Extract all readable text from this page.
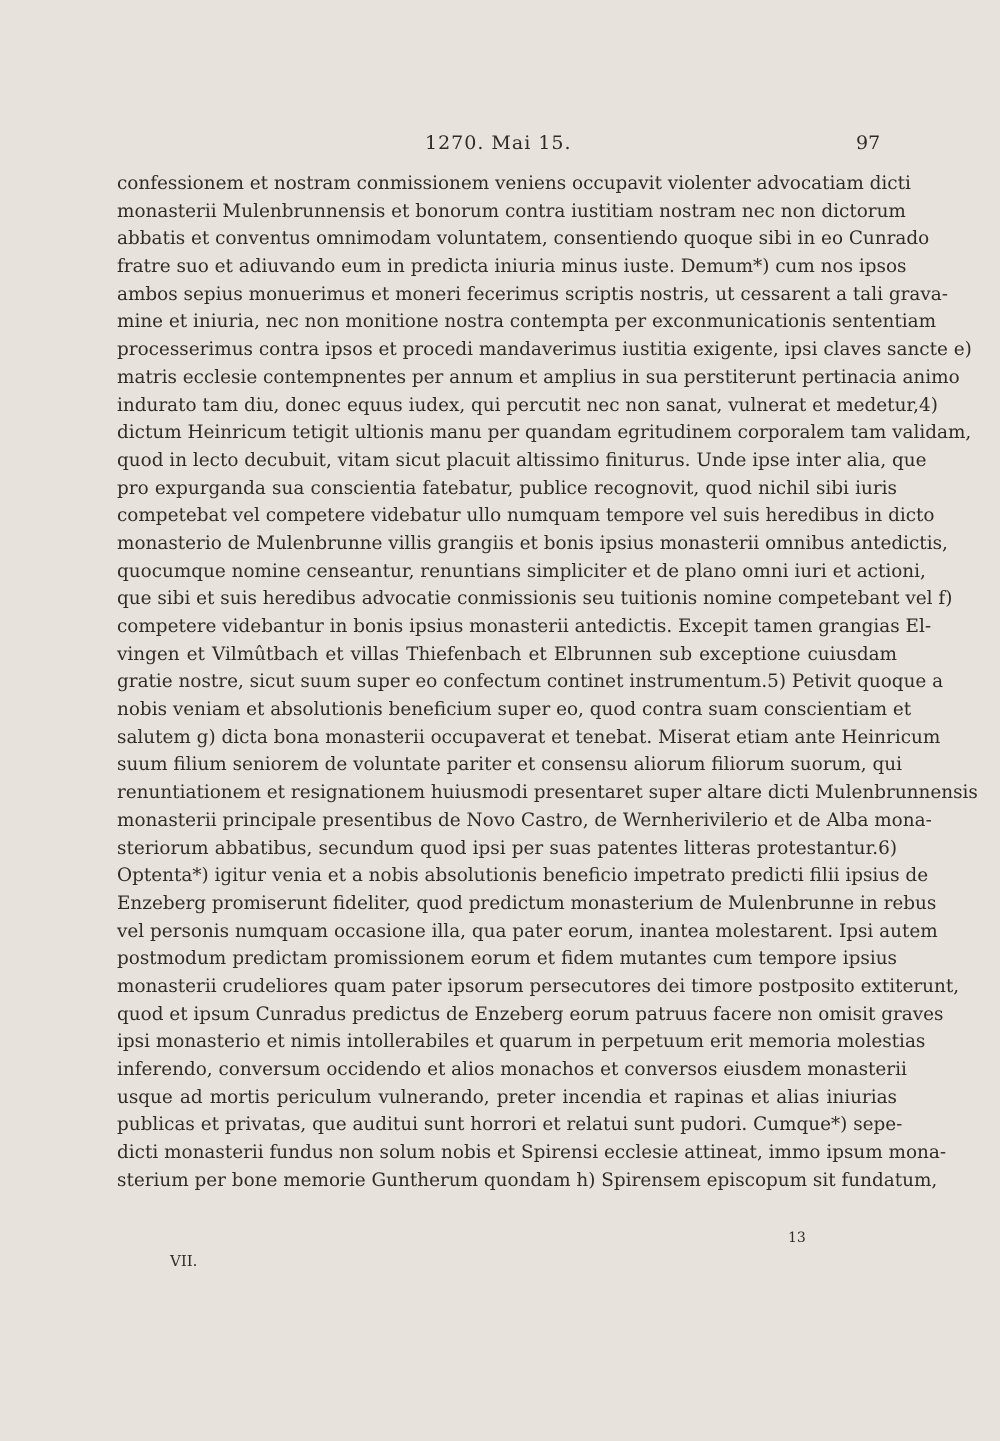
1270. Mai 15.	97
confessionem et nostram conmissionem veniens occupavit violenter advocatiam dicti
monasterii Mulenbrunnensis et bonorum contra iustitiam nostram nec non dictorum
abbatis et conventus omnimodam voluntatem, consentiendo quoque sibi in eo Cunrado
fratre suo et adiuvando eum in predicta iniuria minus iuste. Demum*) cum nos ipsos
ambos sepius monuerimus et moneri fecerimus scriptis nostris, ut cessarent a tali grava-
mine et iniuria, nec non monitione nostra contempta per exconmunicationis sententiam
processerimus contra ipsos et procedi mandaverimus iustitia exigente, ipsi claves sancte e)
matris ecclesie contempnentes per annum et amplius in sua perstiterunt pertinacia animo
indurato tam diu, donec equus iudex, qui percutit nec non sanat, vulnerat et medetur,4)
dictum Heinricum tetigit ultionis manu per quandam egritudinem corporalem tam validam,
quod in lecto decubuit, vitam sicut placuit altissimo finiturus. Unde ipse inter alia, que
pro expurganda sua conscientia fatebatur, publice recognovit, quod nichil sibi iuris
competebat vel competere videbatur ullo numquam tempore vel suis heredibus in dicto
monasterio de Mulenbrunne villis grangiis et bonis ipsius monasterii omnibus antedictis,
quocumque nomine censeantur, renuntians simpliciter et de plano omni iuri et actioni,
que sibi et suis heredibus advocatie conmissionis seu tuitionis nomine competebant vel f)
competere videbantur in bonis ipsius monasterii antedictis. Excepit tamen grangias El-
vingen et Vilmûtbach et villas Thiefenbach et Elbrunnen sub exceptione cuiusdam
gratie nostre, sicut suum super eo confectum continet instrumentum.5) Petivit quoque a
nobis veniam et absolutionis beneficium super eo, quod contra suam conscientiam et
salutem g) dicta bona monasterii occupaverat et tenebat. Miserat etiam ante Heinricum
suum filium seniorem de voluntate pariter et consensu aliorum filiorum suorum, qui
renuntiationem et resignationem huiusmodi presentaret super altare dicti Mulenbrunnensis
monasterii principale presentibus de Novo Castro, de Wernherivilerio et de Alba mona-
steriorum abbatibus, secundum quod ipsi per suas patentes litteras protestantur.6)
Optenta*) igitur venia et a nobis absolutionis beneficio impetrato predicti filii ipsius de
Enzeberg promiserunt fideliter, quod predictum monasterium de Mulenbrunne in rebus
vel personis numquam occasione illa, qua pater eorum, inantea molestarent. Ipsi autem
postmodum predictam promissionem eorum et fidem mutantes cum tempore ipsius
monasterii crudeliores quam pater ipsorum persecutores dei timore postposito extiterunt,
quod et ipsum Cunradus predictus de Enzeberg eorum patruus facere non omisit graves
ipsi monasterio et nimis intollerabiles et quarum in perpetuum erit memoria molestias
inferendo, conversum occidendo et alios monachos et conversos eiusdem monasterii
usque ad mortis periculum vulnerando, preter incendia et rapinas et alias iniurias
publicas et privatas, que auditui sunt horrori et relatui sunt pudori. Cumque*) sepe-
dicti monasterii fundus non solum nobis et Spirensi ecclesie attineat, immo ipsum mona-
sterium per bone memorie Guntherum quondam h) Spirensem episcopum sit fundatum,
VII.
13
